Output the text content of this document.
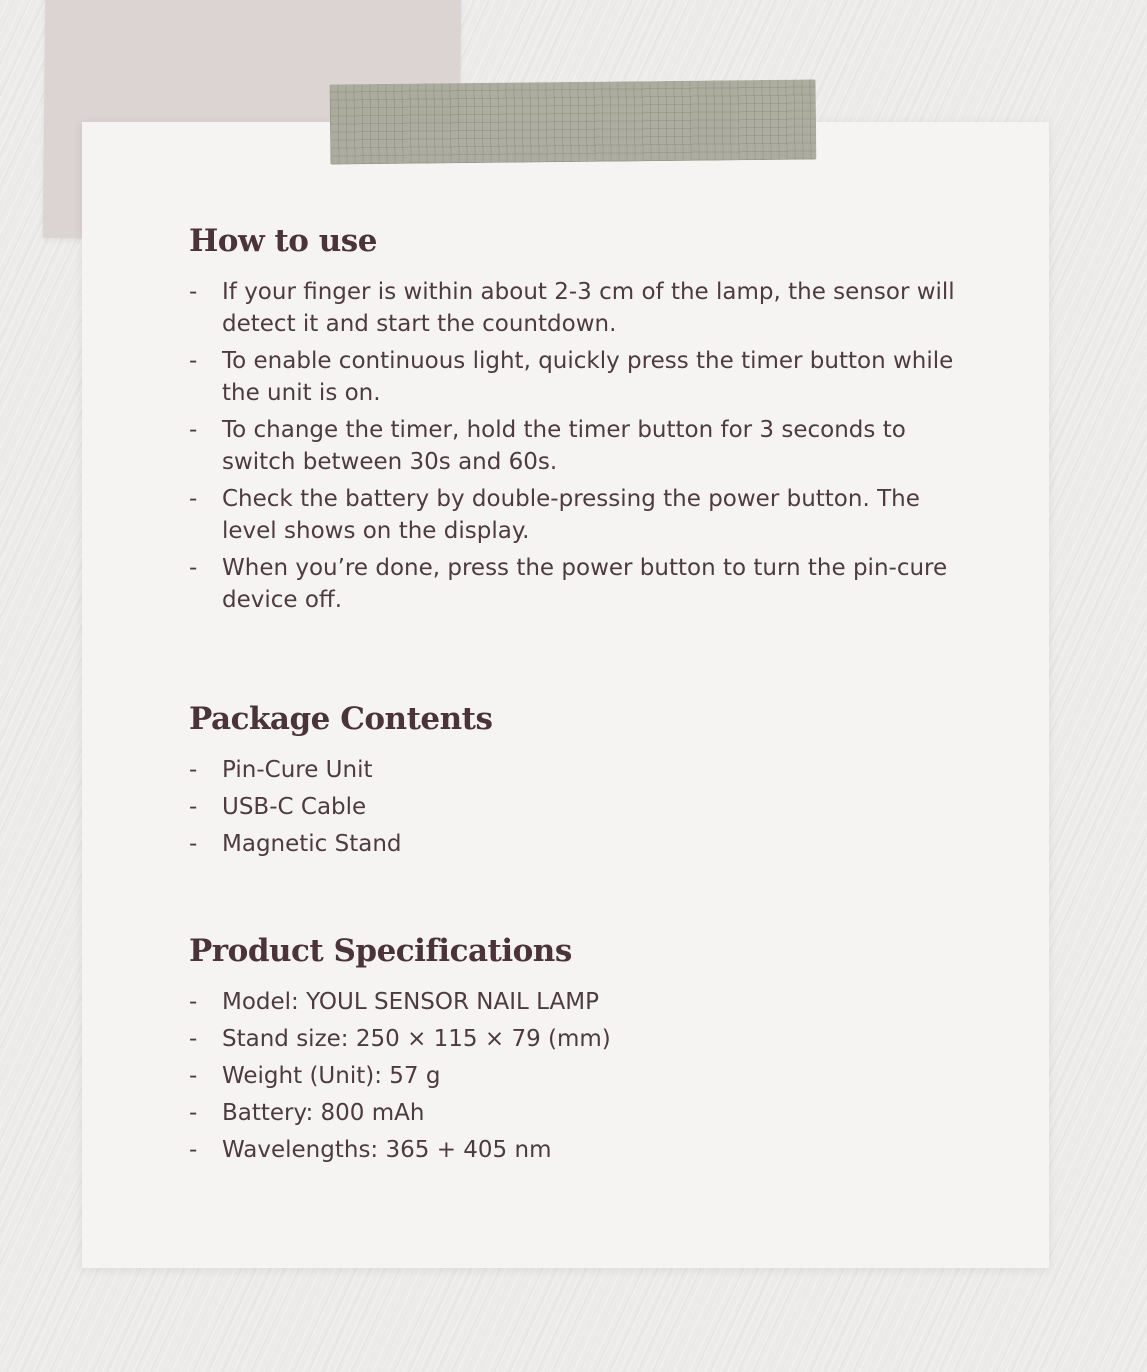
How to use
- If your finger is within about 2-3 cm of the lamp, the sensor will detect it and start the countdown.
- To enable continuous light, quickly press the timer button while the unit is on.
- To change the timer, hold the timer button for 3 seconds to switch between 30s and 60s.
- Check the battery by double-pressing the power button. The level shows on the display.
- When you’re done, press the power button to turn the pin-cure device off.
Package Contents
- Pin-Cure Unit
- USB-C Cable
- Magnetic Stand
Product Specifications
- Model: YOUL SENSOR NAIL LAMP
- Stand size: 250 × 115 × 79 (mm)
- Weight (Unit): 57 g
- Battery: 800 mAh
- Wavelengths: 365 + 405 nm
